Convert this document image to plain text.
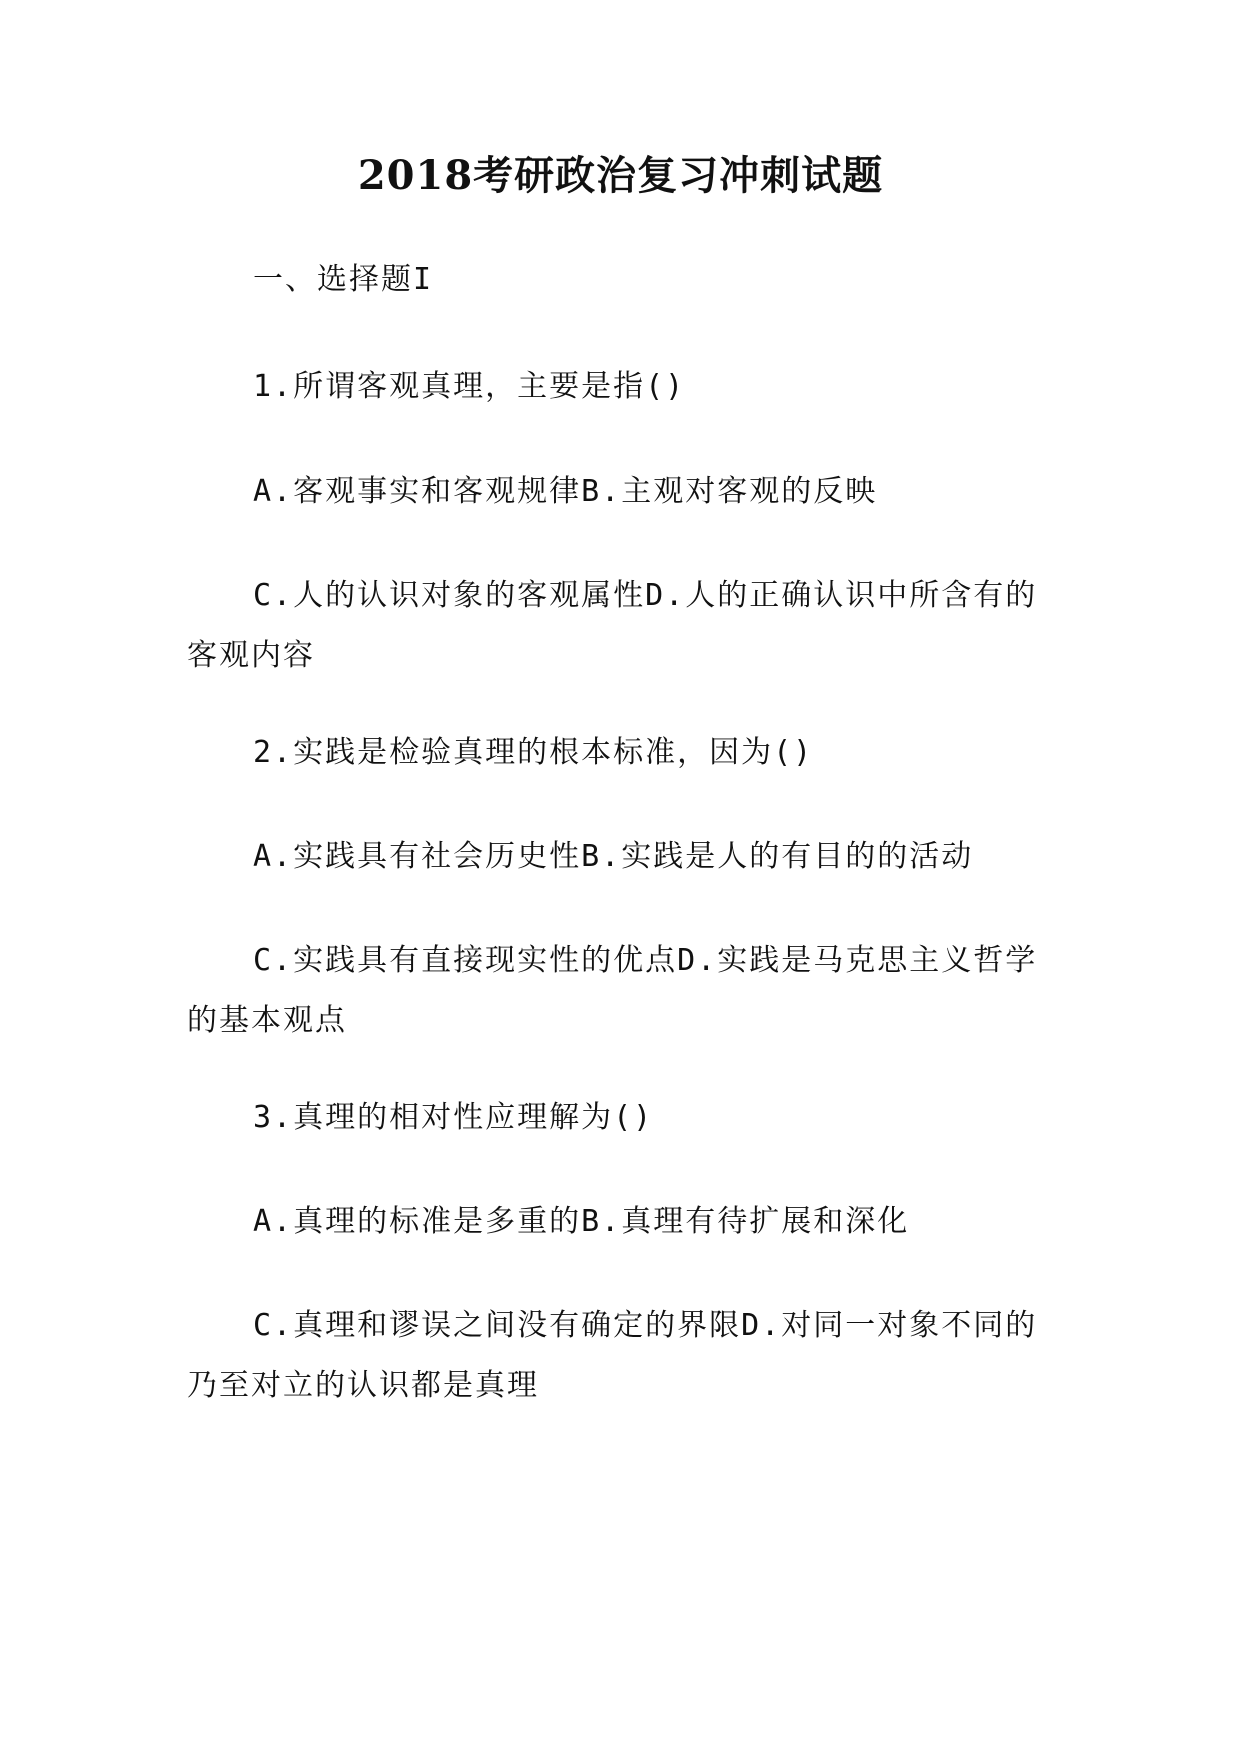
2018考研政治复习冲刺试题
一、选择题I
1.所谓客观真理，主要是指()
A.客观事实和客观规律B.主观对客观的反映
C.人的认识对象的客观属性D.人的正确认识中所含有的客观内容
2.实践是检验真理的根本标准，因为()
A.实践具有社会历史性B.实践是人的有目的的活动
C.实践具有直接现实性的优点D.实践是马克思主义哲学的基本观点
3.真理的相对性应理解为()
A.真理的标准是多重的B.真理有待扩展和深化
C.真理和谬误之间没有确定的界限D.对同一对象不同的乃至对立的认识都是真理
